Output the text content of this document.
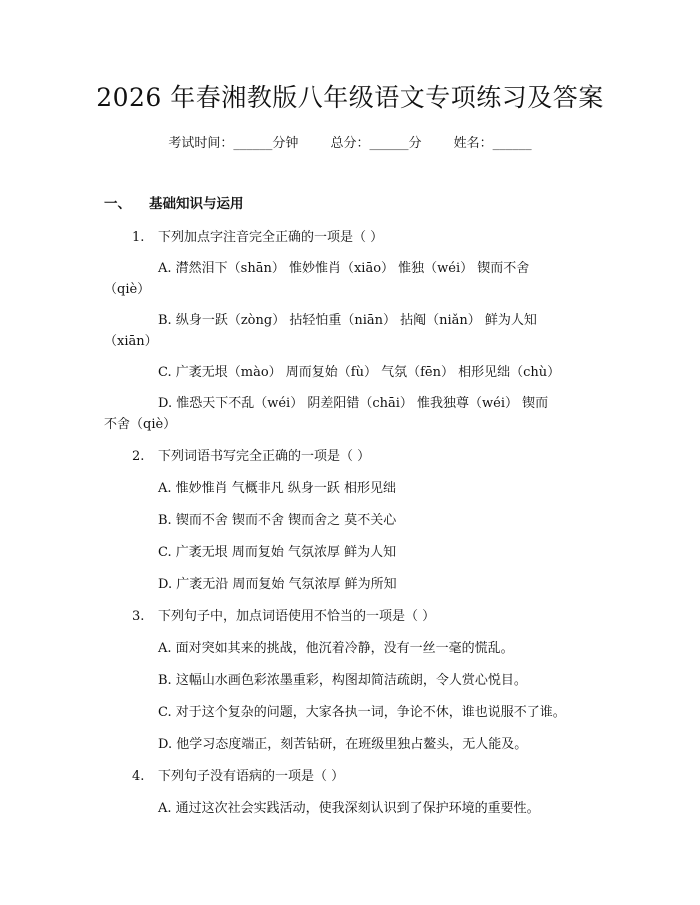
2026 年春湘教版八年级语文专项练习及答案
考试时间：______分钟 总分：______分 姓名：______
一、 基础知识与运用
1. 下列加点字注音完全正确的一项是（ ）
A. 潸然泪下（shān） 惟妙惟肖（xiāo） 惟独（wéi） 锲而不舍
（qiè）
B. 纵身一跃（zòng） 拈轻怕重（niān） 拈阄（niǎn） 鲜为人知
（xiān）
C. 广袤无垠（mào） 周而复始（fù） 气氛（fēn） 相形见绌（chù）
D. 惟恐天下不乱（wéi） 阴差阳错（chāi） 惟我独尊（wéi） 锲而
不舍（qiè）
2. 下列词语书写完全正确的一项是（ ）
A. 惟妙惟肖 气概非凡 纵身一跃 相形见绌
B. 锲而不舍 锲而不舍 锲而舍之 莫不关心
C. 广袤无垠 周而复始 气氛浓厚 鲜为人知
D. 广袤无沿 周而复始 气氛浓厚 鲜为所知
3. 下列句子中，加点词语使用不恰当的一项是（ ）
A. 面对突如其来的挑战，他沉着冷静，没有一丝一毫的慌乱。
B. 这幅山水画色彩浓墨重彩，构图却简洁疏朗，令人赏心悦目。
C. 对于这个复杂的问题，大家各执一词，争论不休，谁也说服不了谁。
D. 他学习态度端正，刻苦钻研，在班级里独占鳌头，无人能及。
4. 下列句子没有语病的一项是（ ）
A. 通过这次社会实践活动，使我深刻认识到了保护环境的重要性。
